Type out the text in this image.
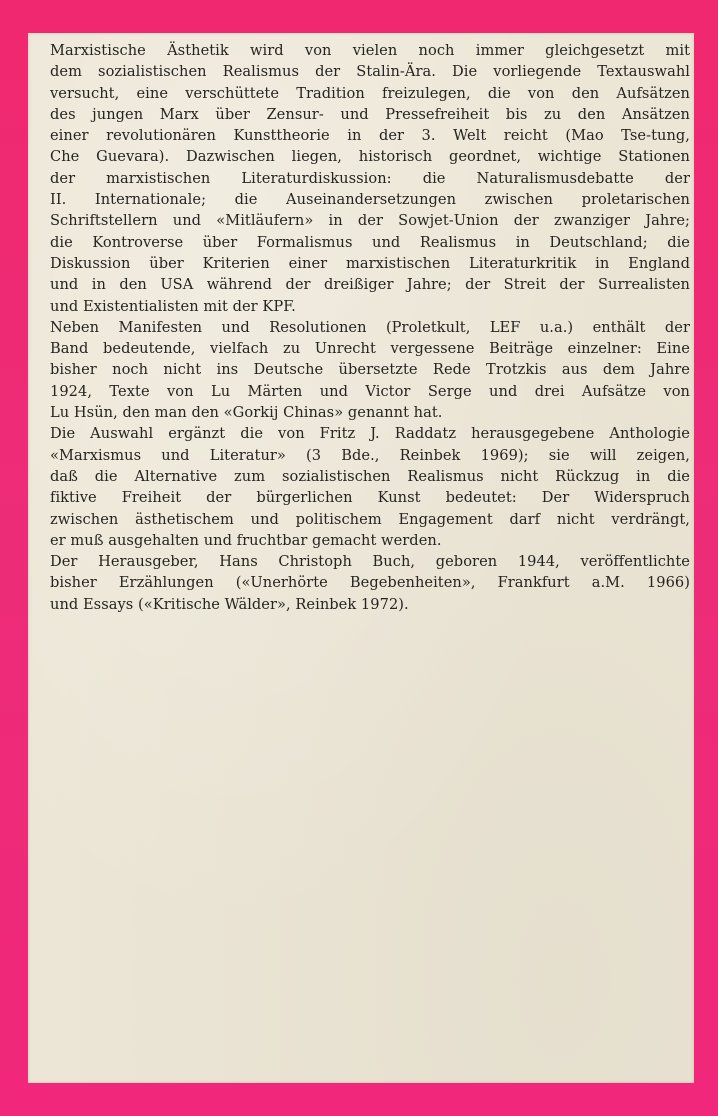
Marxistische Ästhetik wird von vielen noch immer gleichgesetzt mit
dem sozialistischen Realismus der Stalin-Ära. Die vorliegende Textauswahl
versucht, eine verschüttete Tradition freizulegen, die von den Aufsätzen
des jungen Marx über Zensur- und Pressefreiheit bis zu den Ansätzen
einer revolutionären Kunsttheorie in der 3. Welt reicht (Mao Tse-tung,
Che Guevara). Dazwischen liegen, historisch geordnet, wichtige Stationen
der marxistischen Literaturdiskussion: die Naturalismusdebatte der
II. Internationale; die Auseinandersetzungen zwischen proletarischen
Schriftstellern und «Mitläufern» in der Sowjet-Union der zwanziger Jahre;
die Kontroverse über Formalismus und Realismus in Deutschland; die
Diskussion über Kriterien einer marxistischen Literaturkritik in England
und in den USA während der dreißiger Jahre; der Streit der Surrealisten
und Existentialisten mit der KPF.

Neben Manifesten und Resolutionen (Proletkult, LEF u.a.) enthält der
Band bedeutende, vielfach zu Unrecht vergessene Beiträge einzelner: Eine
bisher noch nicht ins Deutsche übersetzte Rede Trotzkis aus dem Jahre
1924, Texte von Lu Märten und Victor Serge und drei Aufsätze von
Lu Hsün, den man den «Gorkij Chinas» genannt hat.

Die Auswahl ergänzt die von Fritz J. Raddatz herausgegebene Anthologie
«Marxismus und Literatur» (3 Bde., Reinbek 1969); sie will zeigen,
daß die Alternative zum sozialistischen Realismus nicht Rückzug in die
fiktive Freiheit der bürgerlichen Kunst bedeutet: Der Widerspruch
zwischen ästhetischem und politischem Engagement darf nicht verdrängt,
er muß ausgehalten und fruchtbar gemacht werden.

Der Herausgeber, Hans Christoph Buch, geboren 1944, veröffentlichte
bisher Erzählungen («Unerhörte Begebenheiten», Frankfurt a.M. 1966)
und Essays («Kritische Wälder», Reinbek 1972).
